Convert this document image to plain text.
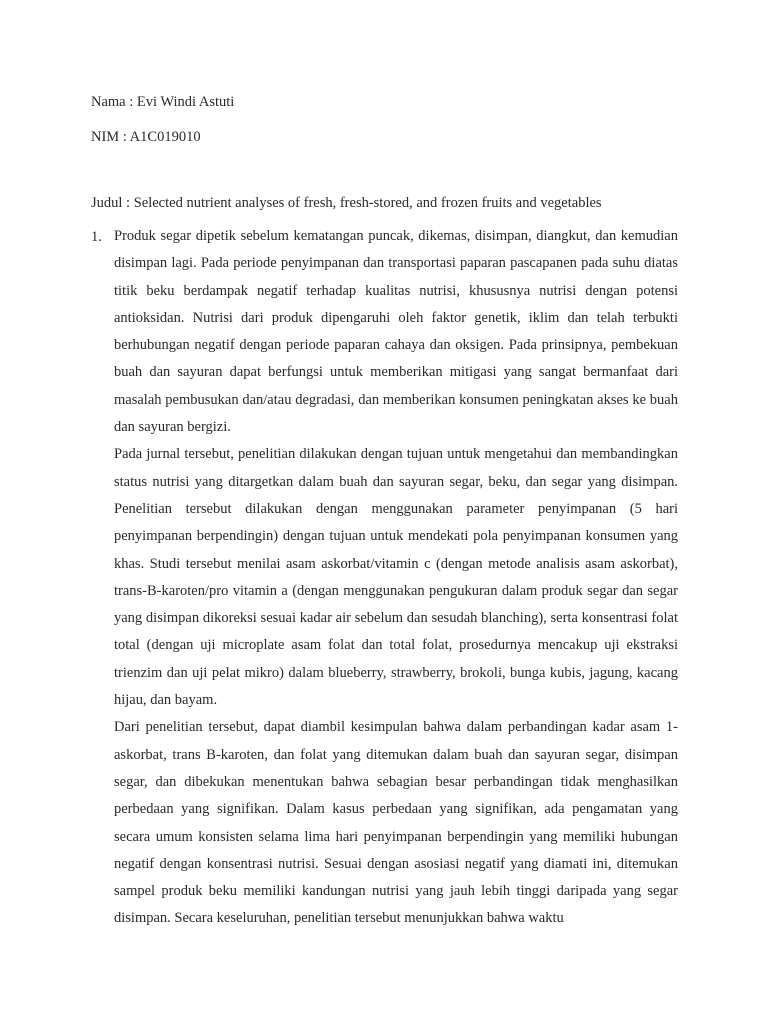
Nama : Evi Windi Astuti
NIM : A1C019010
Judul : Selected nutrient analyses of fresh, fresh-stored, and frozen fruits and vegetables
1. Produk segar dipetik sebelum kematangan puncak, dikemas, disimpan, diangkut, dan kemudian disimpan lagi. Pada periode penyimpanan dan transportasi paparan pascapanen pada suhu diatas titik beku berdampak negatif terhadap kualitas nutrisi, khususnya nutrisi dengan potensi antioksidan. Nutrisi dari produk dipengaruhi oleh faktor genetik, iklim dan telah terbukti berhubungan negatif dengan periode paparan cahaya dan oksigen. Pada prinsipnya, pembekuan buah dan sayuran dapat berfungsi untuk memberikan mitigasi yang sangat bermanfaat dari masalah pembusukan dan/atau degradasi, dan memberikan konsumen peningkatan akses ke buah dan sayuran bergizi.

Pada jurnal tersebut, penelitian dilakukan dengan tujuan untuk mengetahui dan membandingkan status nutrisi yang ditargetkan dalam buah dan sayuran segar, beku, dan segar yang disimpan. Penelitian tersebut dilakukan dengan menggunakan parameter penyimpanan (5 hari penyimpanan berpendingin) dengan tujuan untuk mendekati pola penyimpanan konsumen yang khas. Studi tersebut menilai asam askorbat/vitamin c (dengan metode analisis asam askorbat), trans-B-karoten/pro vitamin a (dengan menggunakan pengukuran dalam produk segar dan segar yang disimpan dikoreksi sesuai kadar air sebelum dan sesudah blanching), serta konsentrasi folat total (dengan uji microplate asam folat dan total folat, prosedurnya mencakup uji ekstraksi trienzim dan uji pelat mikro) dalam blueberry, strawberry, brokoli, bunga kubis, jagung, kacang hijau, dan bayam.

Dari penelitian tersebut, dapat diambil kesimpulan bahwa dalam perbandingan kadar asam 1-askorbat, trans B-karoten, dan folat yang ditemukan dalam buah dan sayuran segar, disimpan segar, dan dibekukan menentukan bahwa sebagian besar perbandingan tidak menghasilkan perbedaan yang signifikan. Dalam kasus perbedaan yang signifikan, ada pengamatan yang secara umum konsisten selama lima hari penyimpanan berpendingin yang memiliki hubungan negatif dengan konsentrasi nutrisi. Sesuai dengan asosiasi negatif yang diamati ini, ditemukan sampel produk beku memiliki kandungan nutrisi yang jauh lebih tinggi daripada yang segar disimpan. Secara keseluruhan, penelitian tersebut menunjukkan bahwa waktu
